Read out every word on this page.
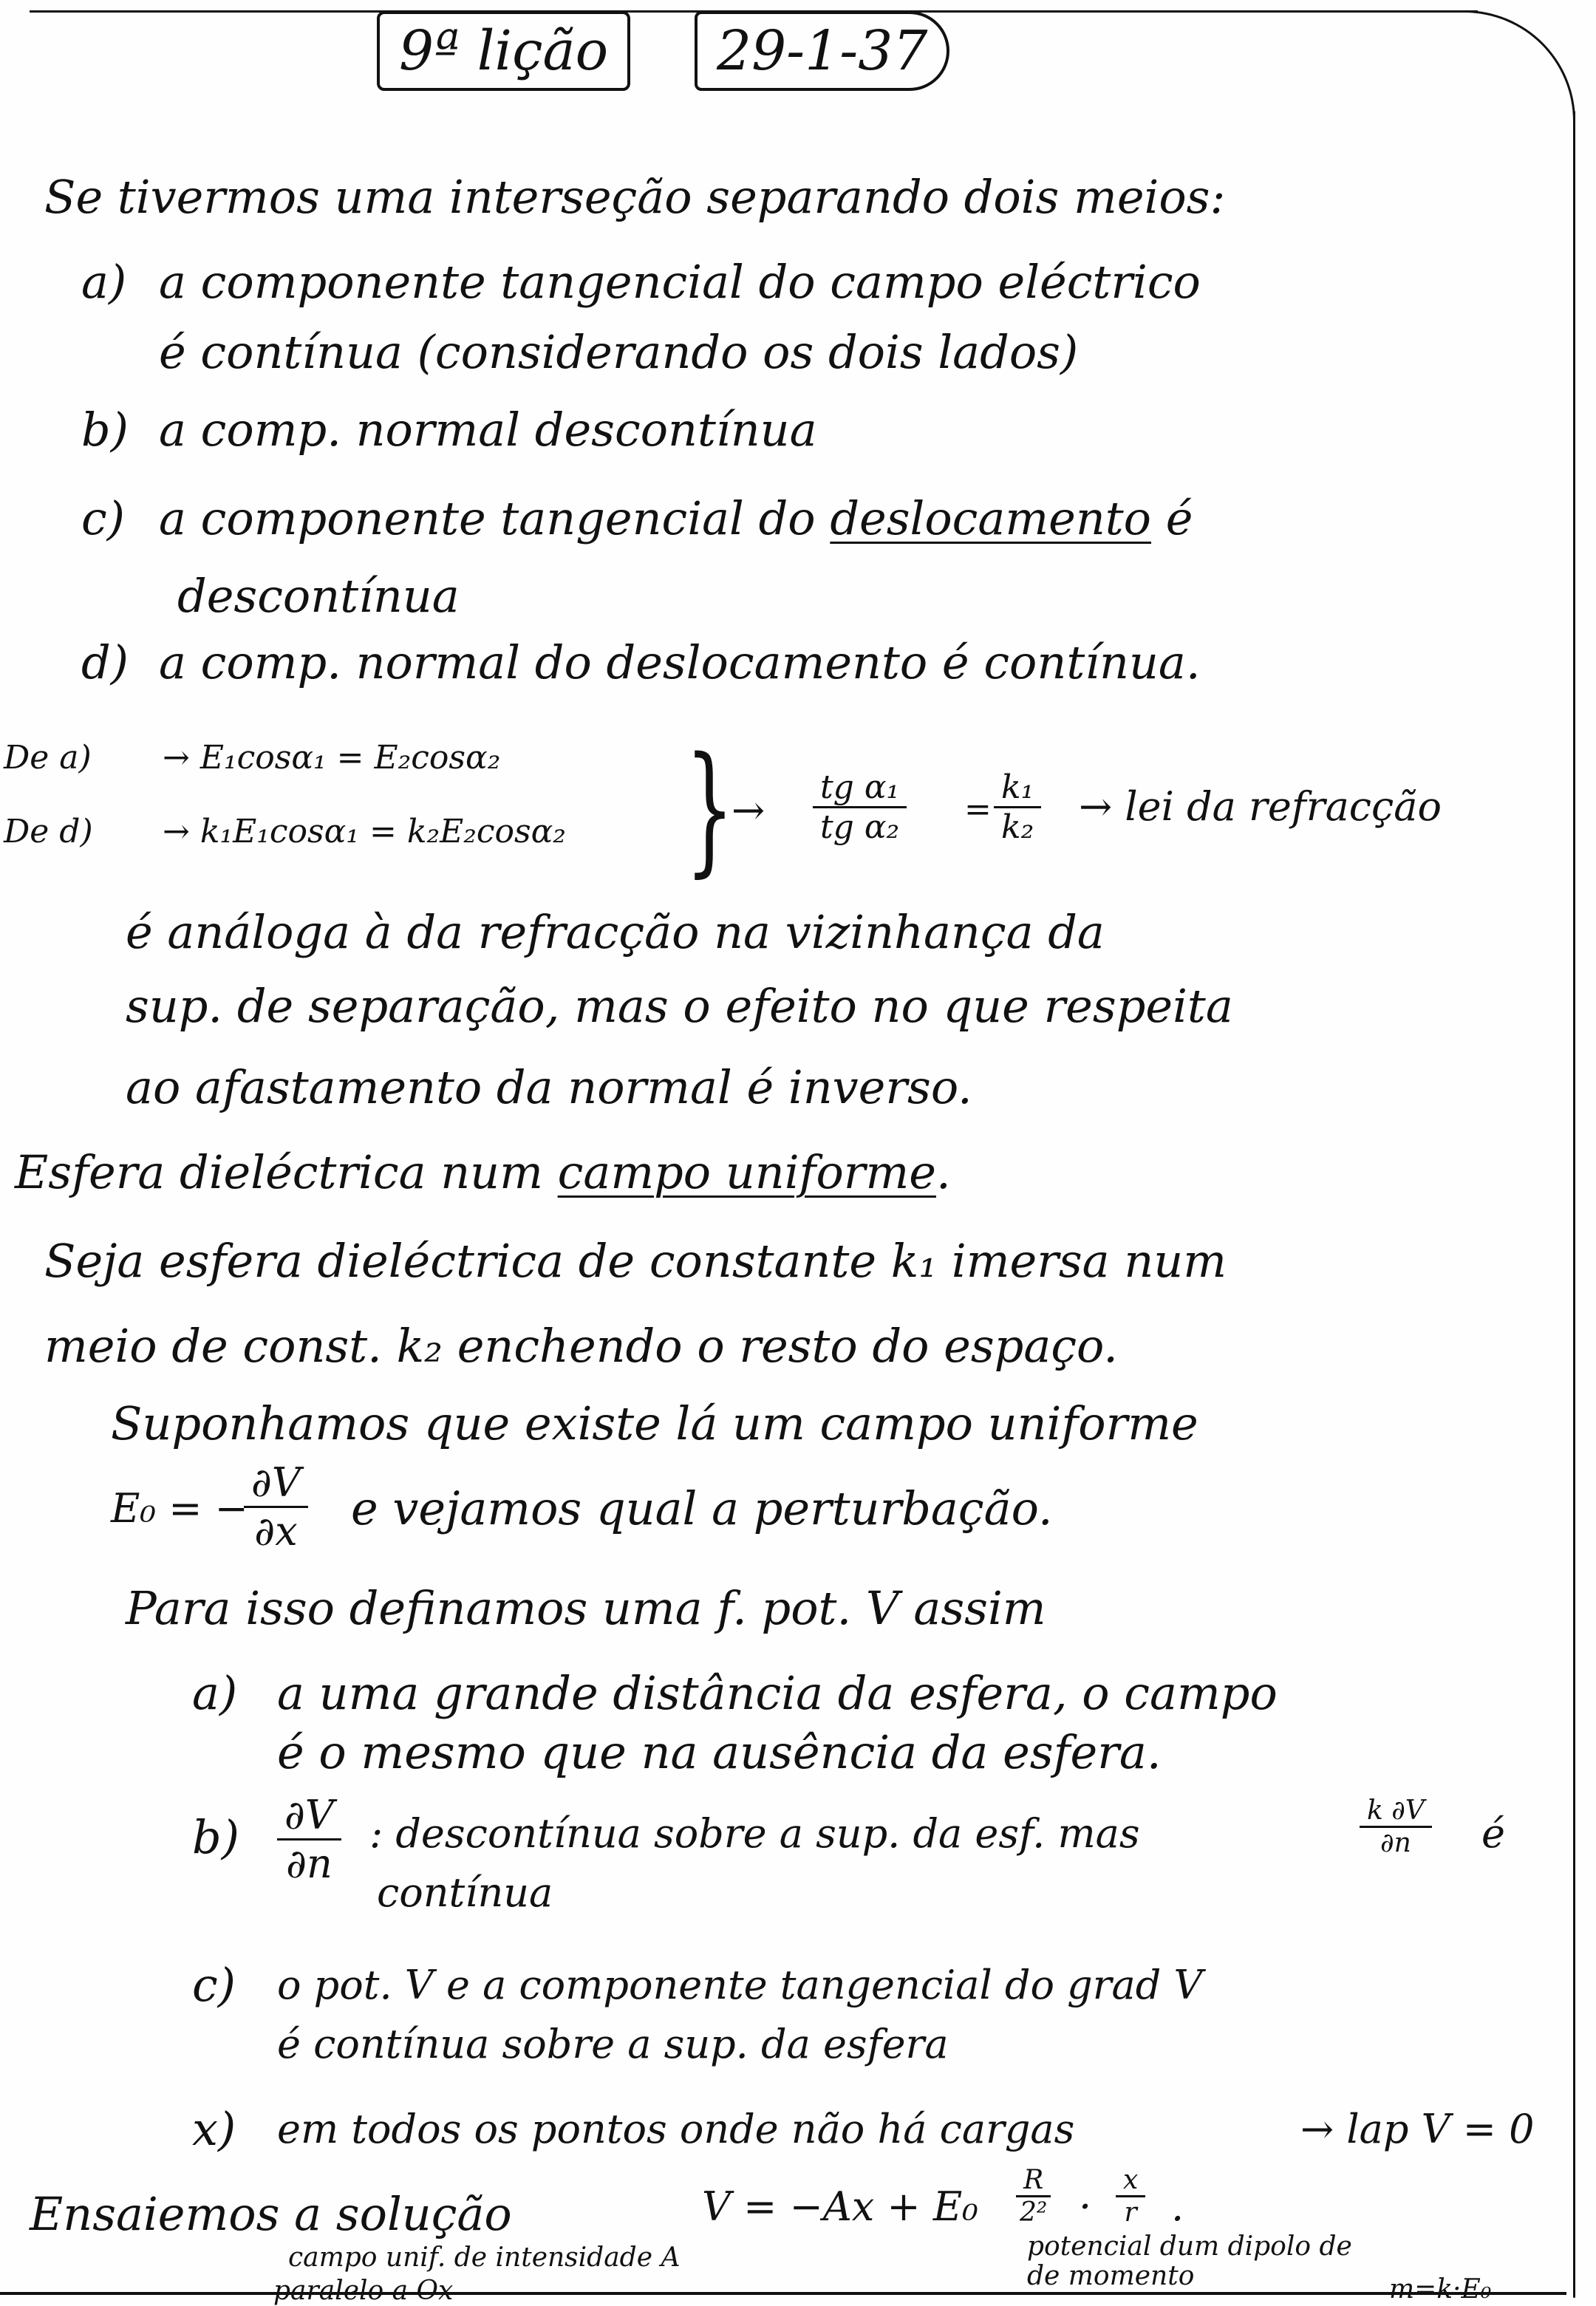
9ª lição	29-1-37
Se tivermos uma interseção separando dois meios:
a) a componente tangencial do campo eléctrico
é contínua (considerando os dois lados)
b) a comp. normal descontínua
c) a componente tangencial do deslocamento é
descontínua
d) a comp. normal do deslocamento é contínua.
De a) → E₁cosα₁ = E₂cosα₂
De d) → k₁E₁cosα₁ = k₂E₂cosα₂ }
→ $\frac{\text{tg α₁}}{\text{tg α₂}} = \frac{\text{k₁}}{\text{k₂}}$ → lei da refracção
é análoga à da refracção na vizinhança da
sup. de separação, mas o efeito no que respeita
ao afastamento da normal é inverso.
Esfera dieléctrica num campo uniforme.
Seja esfera dieléctrica de constante k₁ imersa num
meio de const. k₂ enchendo o resto do espaço.
Suponhamos que existe lá um campo uniforme
E₀ = −
$\frac{\partial V}{\partial x}$ e vejamos qual a perturbação.
Para isso definamos uma f. pot. V assim
a) a uma grande distância da esfera, o campo
é o mesmo que na ausência da esfera.
$b) \frac{\partial V}{\partial n}$ : descontínua sobre a sup. da esf. mas	$\frac{k \partial V}{\partial n}$ é
contínua
c) o pot. V e a componente tangencial do grad V
é contínua sobre a sup. da esfera
x) em todos os pontos onde não há cargas	→ lap V = 0
Ensaiemos a solução	$V = -Ax + E_0 \frac{R}{\text{2²}} \cdot \frac{x}{r}$ .
campo unif. de intensidade A
paralelo a Ox
potencial dum dipolo de
de momento	m=k·E₀
